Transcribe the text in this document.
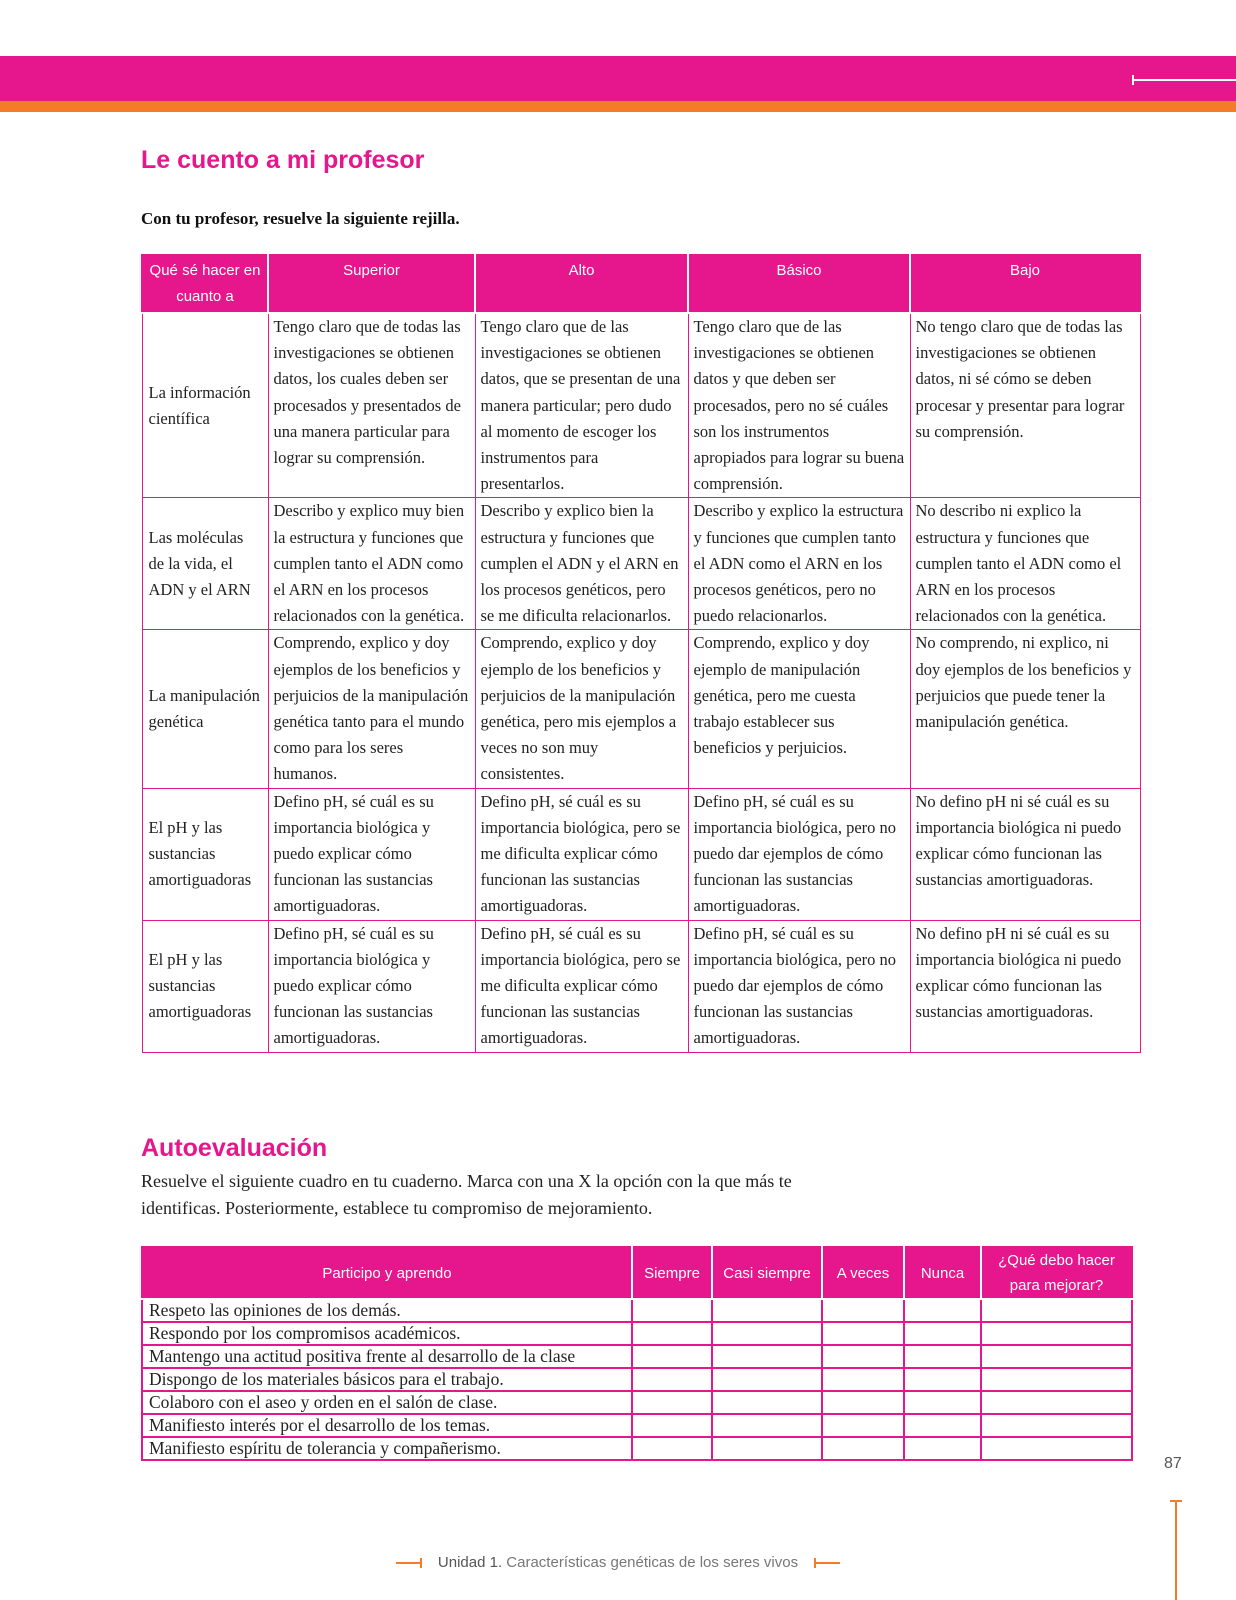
Le cuento a mi profesor
Con tu profesor, resuelve la siguiente rejilla.
Qué sé hacer en cuanto a	Superior	Alto	Básico	Bajo
La información científica	Tengo claro que de todas las investigaciones se obtienen datos, los cuales deben ser procesados y presentados de una manera particular para lograr su comprensión.	Tengo claro que de las investigaciones se obtienen datos, que se presentan de una manera particular; pero dudo al momento de escoger los instrumentos para presentarlos.	Tengo claro que de las investigaciones se obtienen datos y que deben ser procesados, pero no sé cuáles son los instrumentos apropiados para lograr su buena comprensión.	No tengo claro que de todas las investigaciones se obtienen datos, ni sé cómo se deben procesar y presentar para lograr su comprensión.
Las moléculas de la vida, el ADN y el ARN	Describo y explico muy bien la estructura y funciones que cumplen tanto el ADN como el ARN en los procesos relacionados con la genética.	Describo y explico bien la estructura y funciones que cumplen el ADN y el ARN en los procesos genéticos, pero se me dificulta relacionarlos.	Describo y explico la estructura y funciones que cumplen tanto el ADN como el ARN en los procesos genéticos, pero no puedo relacionarlos.	No describo ni explico la estructura y funciones que cumplen tanto el ADN como el ARN en los procesos relacionados con la genética.
La manipulación genética	Comprendo, explico y doy ejemplos de los beneficios y perjuicios de la manipulación genética tanto para el mundo como para los seres humanos.	Comprendo, explico y doy ejemplo de los beneficios y perjuicios de la manipulación genética, pero mis ejemplos a veces no son muy consistentes.	Comprendo, explico y doy ejemplo de manipulación genética, pero me cuesta trabajo establecer sus beneficios y perjuicios.	No comprendo, ni explico, ni doy ejemplos de los beneficios y perjuicios que puede tener la manipulación genética.
El pH y las sustancias amortiguadoras	Defino pH, sé cuál es su importancia biológica y puedo explicar cómo funcionan las sustancias amortiguadoras.	Defino pH, sé cuál es su importancia biológica, pero se me dificulta explicar cómo funcionan las sustancias amortiguadoras.	Defino pH, sé cuál es su importancia biológica, pero no puedo dar ejemplos de cómo funcionan las sustancias amortiguadoras.	No defino pH ni sé cuál es su importancia biológica ni puedo explicar cómo funcionan las sustancias amortiguadoras.
El pH y las sustancias amortiguadoras	Defino pH, sé cuál es su importancia biológica y puedo explicar cómo funcionan las sustancias amortiguadoras.	Defino pH, sé cuál es su importancia biológica, pero se me dificulta explicar cómo funcionan las sustancias amortiguadoras.	Defino pH, sé cuál es su importancia biológica, pero no puedo dar ejemplos de cómo funcionan las sustancias amortiguadoras.	No defino pH ni sé cuál es su importancia biológica ni puedo explicar cómo funcionan las sustancias amortiguadoras.
Autoevaluación
Resuelve el siguiente cuadro en tu cuaderno. Marca con una X la opción con la que más te
identificas. Posteriormente, establece tu compromiso de mejoramiento.
Participo y aprendo	Siempre	Casi siempre	A veces	Nunca	¿Qué debo hacer para mejorar?
Respeto las opiniones de los demás.					
Respondo por los compromisos académicos.					
Mantengo una actitud positiva frente al desarrollo de la clase					
Dispongo de los materiales básicos para el trabajo.					
Colaboro con el aseo y orden en el salón de clase.					
Manifiesto interés por el desarrollo de los temas.					
Manifiesto espíritu de tolerancia y compañerismo.					
87
Unidad 1. Características genéticas de los seres vivos
